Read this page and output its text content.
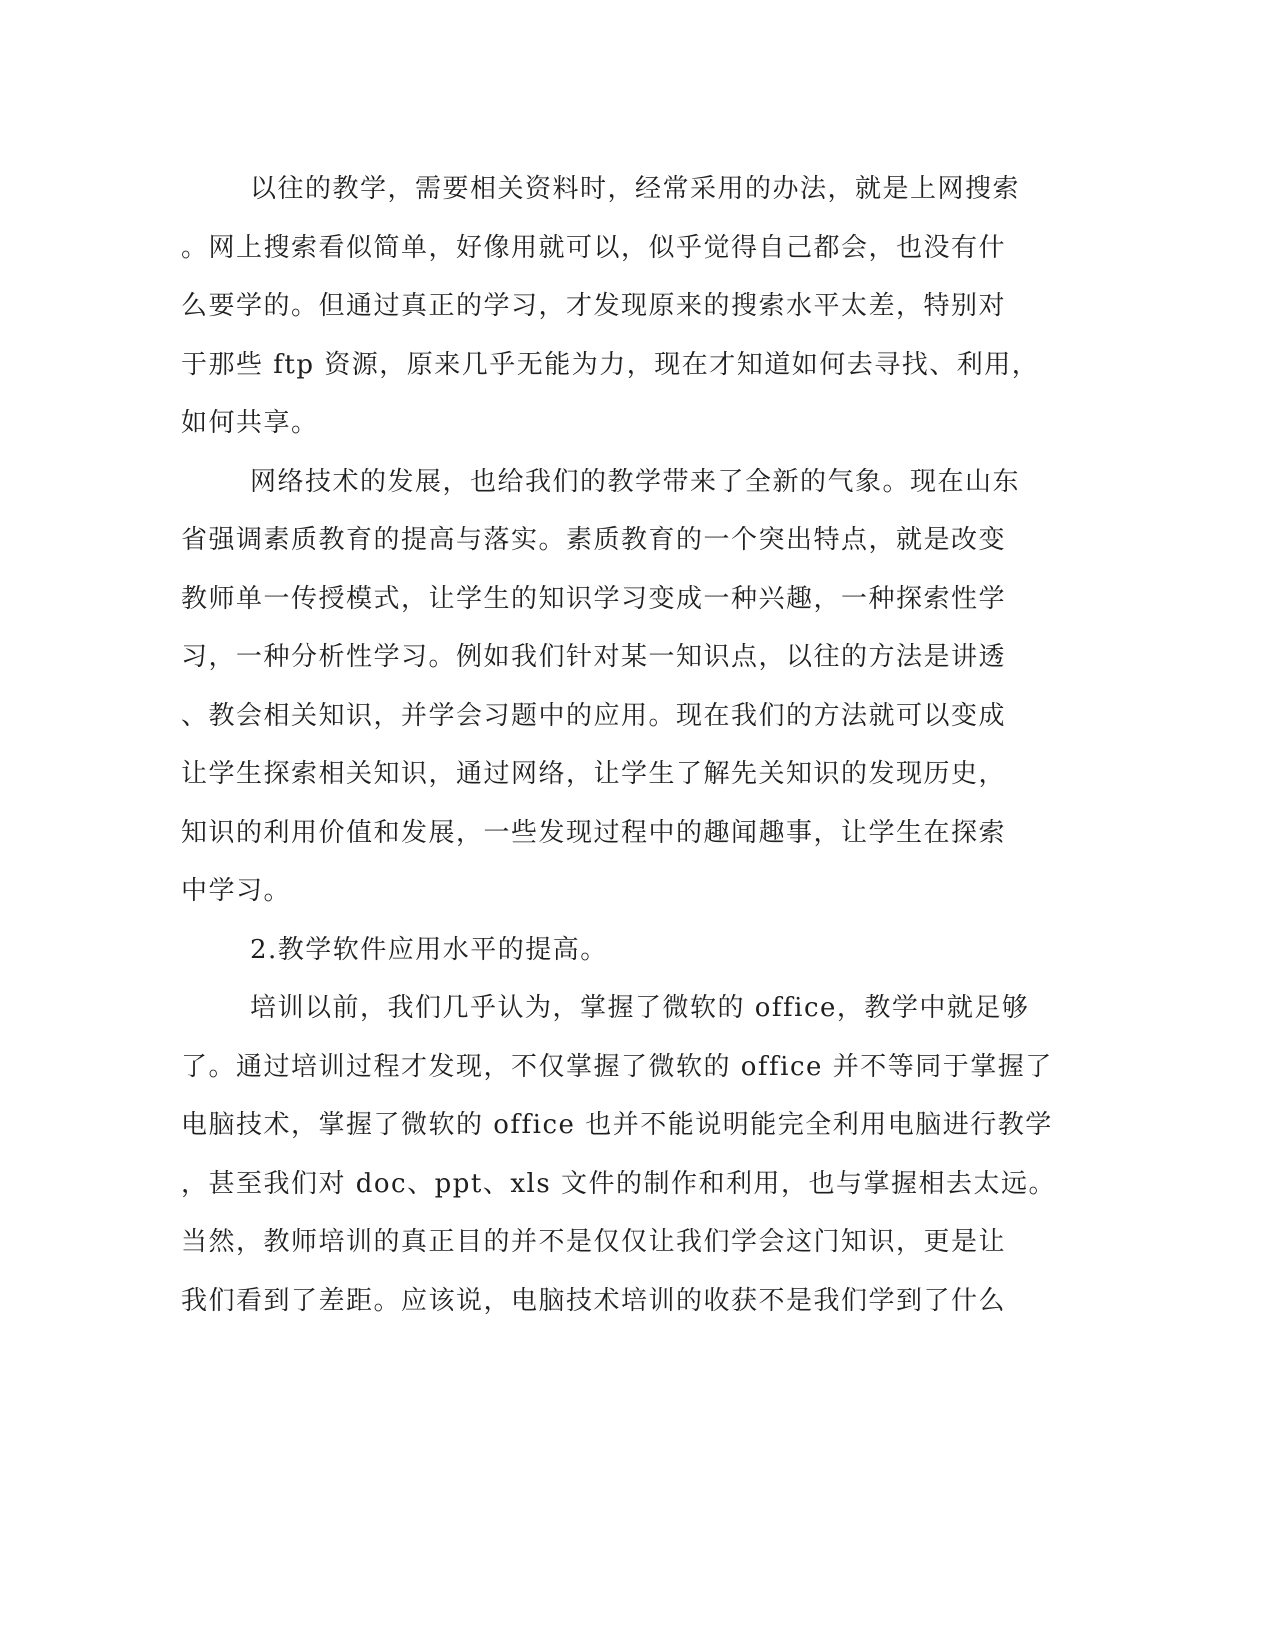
以往的教学，需要相关资料时，经常采用的办法，就是上网搜索
。网上搜索看似简单，好像用就可以，似乎觉得自己都会，也没有什
么要学的。但通过真正的学习，才发现原来的搜索水平太差，特别对
于那些 ftp 资源，原来几乎无能为力，现在才知道如何去寻找、利用，
如何共享。
网络技术的发展，也给我们的教学带来了全新的气象。现在山东
省强调素质教育的提高与落实。素质教育的一个突出特点，就是改变
教师单一传授模式，让学生的知识学习变成一种兴趣，一种探索性学
习，一种分析性学习。例如我们针对某一知识点，以往的方法是讲透
、教会相关知识，并学会习题中的应用。现在我们的方法就可以变成
让学生探索相关知识，通过网络，让学生了解先关知识的发现历史，
知识的利用价值和发展，一些发现过程中的趣闻趣事，让学生在探索
中学习。
2.教学软件应用水平的提高。
培训以前，我们几乎认为，掌握了微软的 office，教学中就足够
了。通过培训过程才发现，不仅掌握了微软的 office 并不等同于掌握了
电脑技术，掌握了微软的 office 也并不能说明能完全利用电脑进行教学
，甚至我们对 doc、ppt、xls 文件的制作和利用，也与掌握相去太远。
当然，教师培训的真正目的并不是仅仅让我们学会这门知识，更是让
我们看到了差距。应该说，电脑技术培训的收获不是我们学到了什么
